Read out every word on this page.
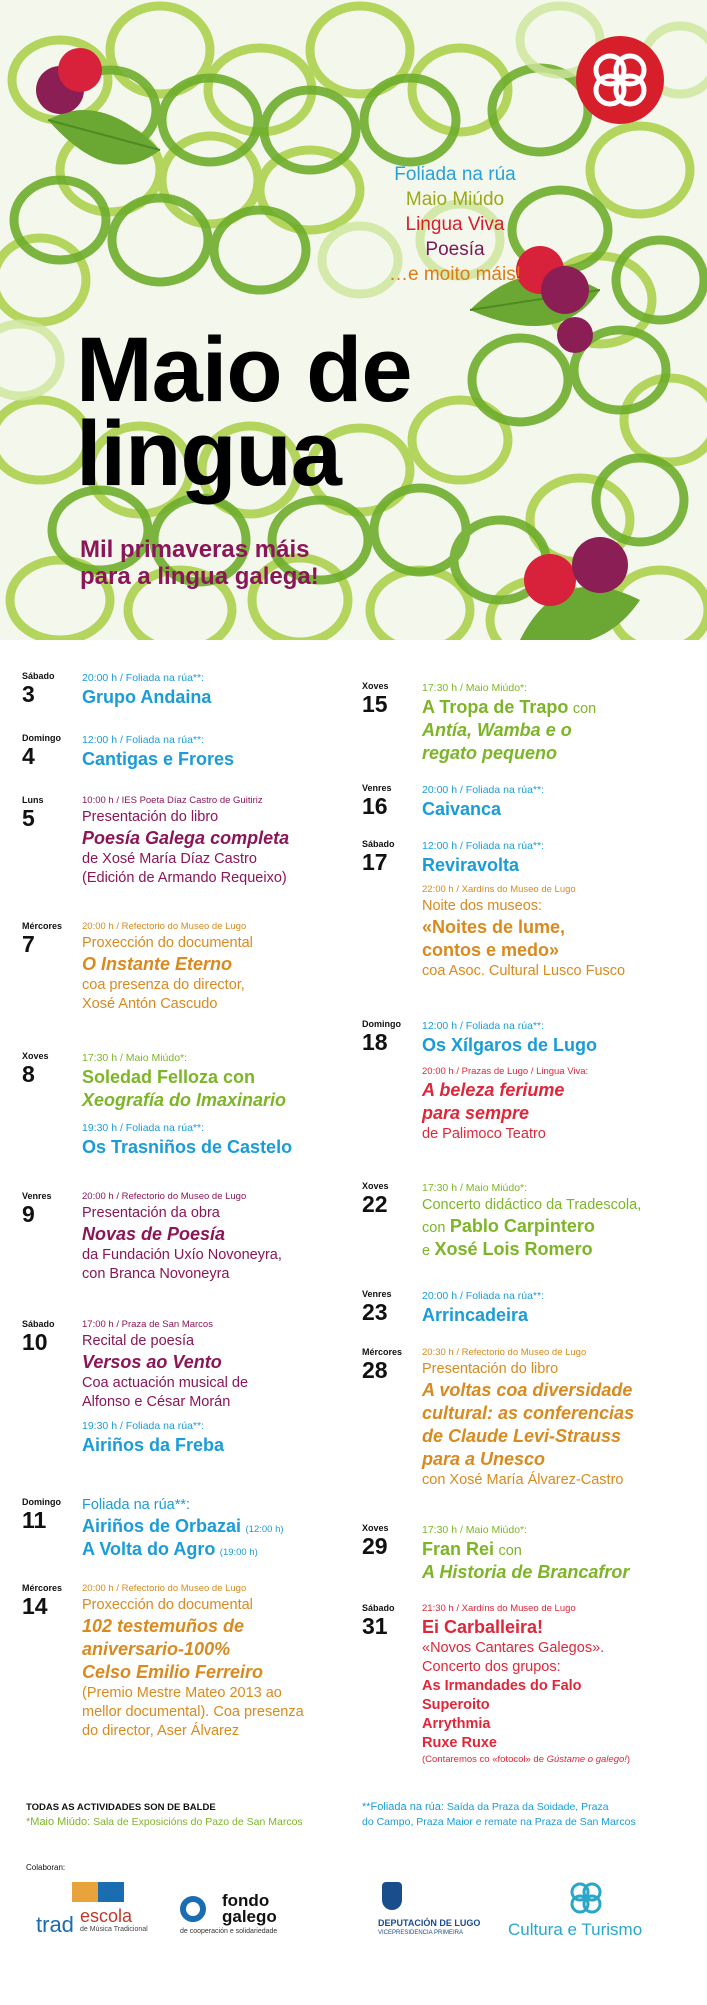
Foliada na rúa
Maio Miúdo
Lingua Viva
Poesía
…e moito máis!
Maio de
lingua
Mil primaveras máis
para a lingua galega!
Sábado
3
20:00 h / Foliada na rúa**:
Grupo Andaina
Domingo
4
12:00 h / Foliada na rúa**:
Cantigas e Frores
Luns
5
10:00 h / IES Poeta Díaz Castro de Guitiriz
Presentación do libro
Poesía Galega completa
de Xosé María Díaz Castro
(Edición de Armando Requeixo)
Mércores
7
20:00 h / Refectorio do Museo de Lugo
Proxección do documental
O Instante Eterno
coa presenza do director,
Xosé Antón Cascudo
Xoves
8
17:30 h / Maio Miúdo*:
Soledad Felloza con
Xeografía do Imaxinario
19:30 h / Foliada na rúa**:
Os Trasniños de Castelo
Venres
9
20:00 h / Refectorio do Museo de Lugo
Presentación da obra
Novas de Poesía
da Fundación Uxío Novoneyra,
con Branca Novoneyra
Sábado
10
17:00 h / Praza de San Marcos
Recital de poesía
Versos ao Vento
Coa actuación musical de
Alfonso e César Morán
19:30 h / Foliada na rúa**:
Airiños da Freba
Domingo
11
Foliada na rúa**:
Airiños de Orbazai (12:00 h)
A Volta do Agro (19:00 h)
Mércores
14
20:00 h / Refectorio do Museo de Lugo
Proxección do documental
102 testemuños de
aniversario-100%
Celso Emilio Ferreiro
(Premio Mestre Mateo 2013 ao
mellor documental). Coa presenza
do director, Aser Álvarez
Xoves
15
17:30 h / Maio Miúdo*:
A Tropa de Trapo con
Antía, Wamba e o
regato pequeno
Venres
16
20:00 h / Foliada na rúa**:
Caivanca
Sábado
17
12:00 h / Foliada na rúa**:
Reviravolta
22:00 h / Xardíns do Museo de Lugo
Noite dos museos:
«Noites de lume,
contos e medo»
coa Asoc. Cultural Lusco Fusco
Domingo
18
12:00 h / Foliada na rúa**:
Os Xílgaros de Lugo
20:00 h / Prazas de Lugo / Lingua Viva:
A beleza feriume
para sempre
de Palimoco Teatro
Xoves
22
17:30 h / Maio Miúdo*:
Concerto didáctico da Tradescola,
con Pablo Carpintero
e Xosé Lois Romero
Venres
23
20:00 h / Foliada na rúa**:
Arrincadeira
Mércores
28
20:30 h / Refectorio do Museo de Lugo
Presentación do libro
A voltas coa diversidade
cultural: as conferencias
de Claude Levi-Strauss
para a Unesco
con Xosé María Álvarez-Castro
Xoves
29
17:30 h / Maio Miúdo*:
Fran Rei con
A Historia de Brancafror
Sábado
31
21:30 h / Xardíns do Museo de Lugo
Ei Carballeira!
«Novos Cantares Galegos».
Concerto dos grupos:
As Irmandades do Falo
Superoito
Arrythmia
Ruxe Ruxe
(Contaremos co «fotocol» de Gústame o galego!)
TODAS AS ACTIVIDADES SON DE BALDE
*Maio Miúdo: Sala de Exposicións do Pazo de San Marcos
**Foliada na rúa: Saída da Praza da Soidade, Praza
do Campo, Praza Maior e remate na Praza de San Marcos
Colaboran:
trad escola
de Música Tradicional
fondo
galego
de cooperación e solidariedade
DEPUTACIÓN DE LUGO
VICEPRESIDENCIA PRIMEIRA	Cultura e Turismo
